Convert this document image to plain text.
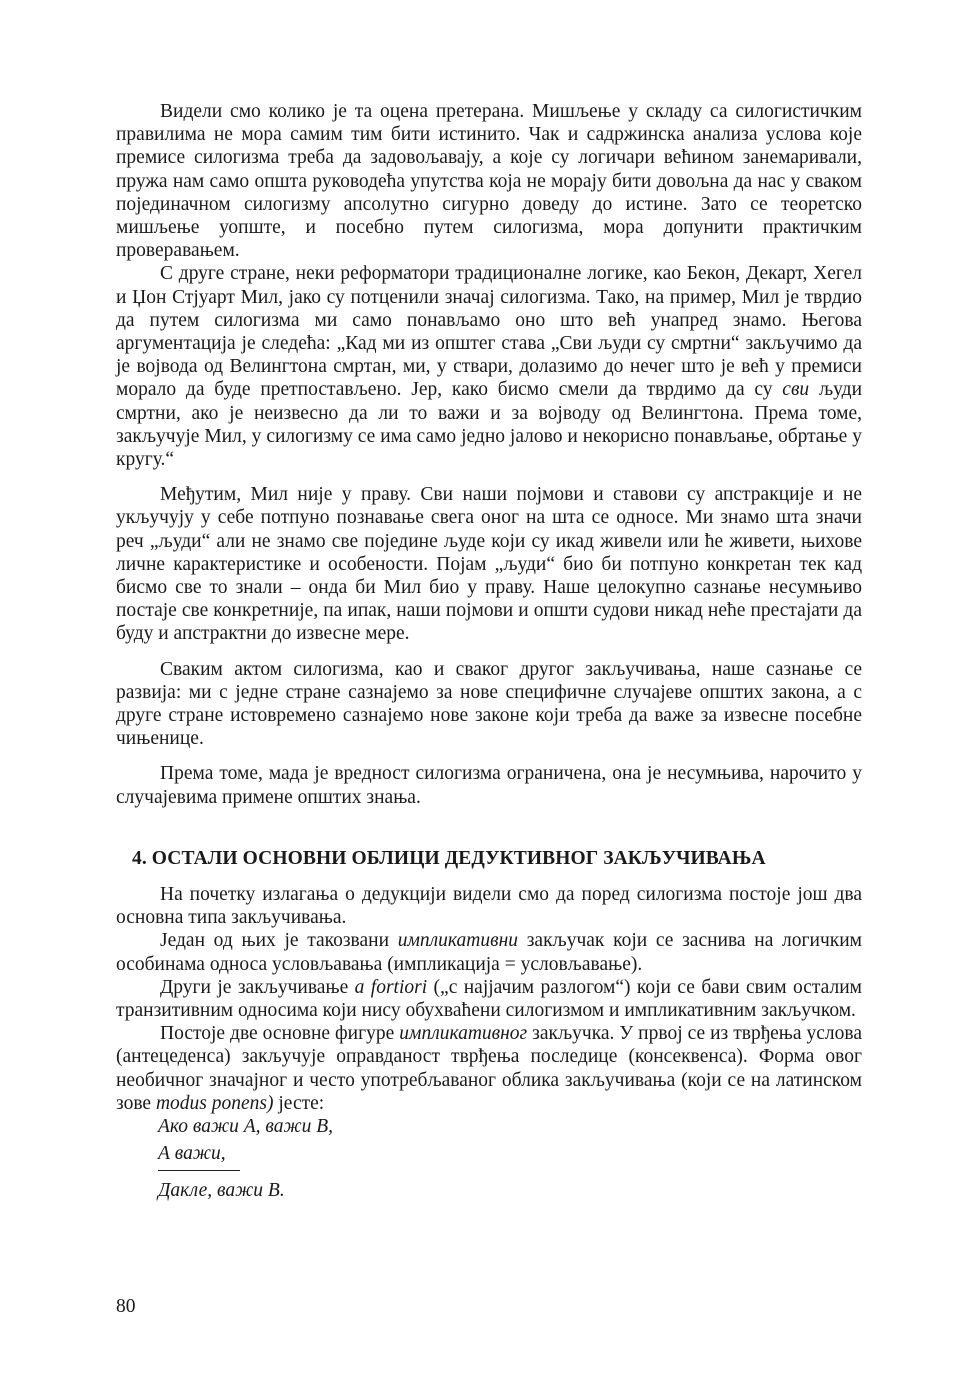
Видели смо колико је та оцена претерана. Мишљење у складу са силогистичким правилима не мора самим тим бити истинито. Чак и садржинска анализа услова које премисе силогизма треба да задовољавају, а које су логичари већином занемаривали, пружа нам само општа руководећа упутства која не морају бити довољна да нас у сваком појединачном силогизму апсолутно сигурно доведу до истине. Зато се теоретско мишљење уопште, и посебно путем силогизма, мора допунити практичким проверавањем.

С друге стране, неки реформатори традиционалне логике, као Бекон, Декарт, Хегел и Џон Стјуарт Мил, јако су потценили значај силогизма. Тако, на пример, Мил је тврдио да путем силогизма ми само понављамо оно што већ унапред знамо. Његова аргументација је следећа: „Кад ми из општег става „Сви људи су смртни“ закључимо да је војвода од Велингтона смртан, ми, у ствари, долазимо до нечег што је већ у премиси морало да буде претпостављено. Јер, како бисмо смели да тврдимо да су сви људи смртни, ако је неизвесно да ли то важи и за војводу од Велингтона. Према томе, закључује Мил, у силогизму се има само једно јалово и некорисно понављање, обртање у кругу.“

Међутим, Мил није у праву. Сви наши појмови и ставови су апстракције и не укључују у себе потпуно познавање свега оног на шта се односе. Ми знамо шта значи реч „људи“ али не знамо све поједине људе који су икад живели или ће живети, њихове личне карактеристике и особености. Појам „људи“ био би потпуно конкретан тек кад бисмо све то знали – онда би Мил био у праву. Наше целокупно сазнање несумњиво постаје све конкретније, па ипак, наши појмови и општи судови никад неће престајати да буду и апстрактни до извесне мере.

Сваким актом силогизма, као и сваког другог закључивања, наше сазнање се развија: ми с једне стране сазнајемо за нове специфичне случајеве општих закона, а с друге стране истовремено сазнајемо нове законе који треба да важе за извесне посебне чињенице.

Према томе, мада је вредност силогизма ограничена, она је несумњива, нарочито у случајевима примене општих знања.

4. ОСТАЛИ ОСНОВНИ ОБЛИЦИ ДЕДУКТИВНОГ ЗАКЉУЧИВАЊА

На почетку излагања о дедукцији видели смо да поред силогизма постоје још два основна типа закључивања.

Један од њих је такозвани импликативни закључак који се заснива на логичким особинама односа условљавања (импликација = условљавање).

Други је закључивање a fortiori („с најјачим разлогом“) који се бави свим осталим транзитивним односима који нису обухваћени силогизмом и импликативним закључком.

Постоје две основне фигуре импликативног закључка. У првој се из тврђења услова (антецеденса) закључује оправданост тврђења последице (консеквенса). Форма овог необичног значајног и често употребљаваног облика закључивања (који се на латинском зове modus ponens) јесте:

Ако важи А, важи В,
А важи,
Дакле, важи В.
80
